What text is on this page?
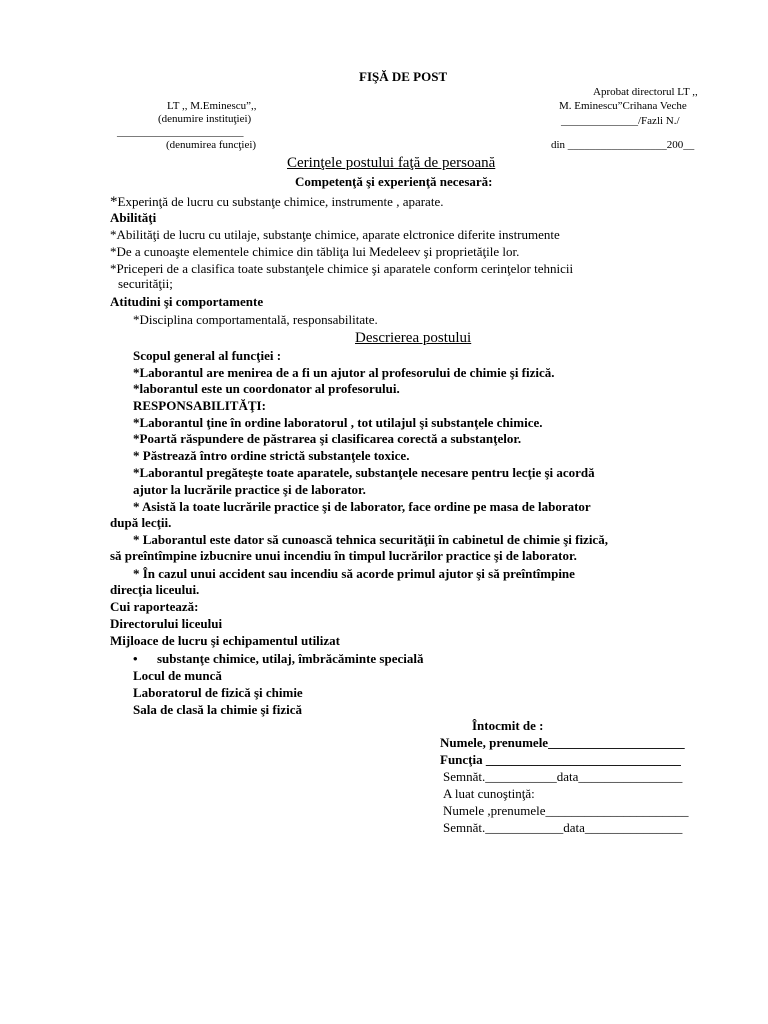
FIŞĂ DE POST
Aprobat directorul LT ,,
M. Eminescu”Crihana Veche
______________/Fazli N./
LT ,, M.Eminescu”,,
(denumire instituţiei)
_______________________
(denumirea funcţiei)	din __________________200__
Cerinţele postului faţă de persoană
Competenţă şi experienţă necesară:
*Experinţă de lucru cu substanţe chimice, instrumente , aparate.
Abilităţi
*Abilităţi de lucru cu utilaje, substanţe chimice, aparate elctronice diferite instrumente
*De a cunoaşte elementele chimice din tăbliţa lui Medeleev şi proprietăţile lor.
*Priceperi de a clasifica toate substanţele chimice şi aparatele conform cerinţelor tehnicii
securităţii;
Atitudini şi comportamente
*Disciplina comportamentală, responsabilitate.
Descrierea postului
Scopul general al funcţiei :
*Laborantul are menirea de a fi un ajutor al profesorului de chimie şi fizică.
*laborantul este un coordonator al profesorului.
RESPONSABILITĂŢI:
*Laborantul ţine în ordine laboratorul , tot utilajul şi substanţele chimice.
*Poartă răspundere de păstrarea şi clasificarea corectă a substanţelor.
* Păstrează întro ordine strictă substanţele toxice.
*Laborantul pregăteşte toate aparatele, substanţele necesare pentru lecţie şi acordă
ajutor la lucrările practice şi de laborator.
* Asistă la toate lucrările practice şi de laborator, face ordine pe masa de laborator
după lecţii.
* Laborantul este dator să cunoască tehnica securităţii în cabinetul de chimie şi fizică,
să preîntîmpine izbucnire unui incendiu în timpul lucrărilor practice şi de laborator.
* În cazul unui accident sau incendiu să acorde primul ajutor şi să preîntîmpine
direcţia liceului.
Cui raportează:
Directorului liceului
Mijloace de lucru şi echipamentul utilizat
• substanţe chimice, utilaj, îmbrăcăminte specială
Locul de muncă
Laboratorul de fizică şi chimie
Sala de clasă la chimie şi fizică
Întocmit de :
Numele, prenumele_____________________
Funcţia ______________________________
Semnăt.___________data________________
A luat cunoştinţă:
Numele ,prenumele______________________
Semnăt.____________data_______________
